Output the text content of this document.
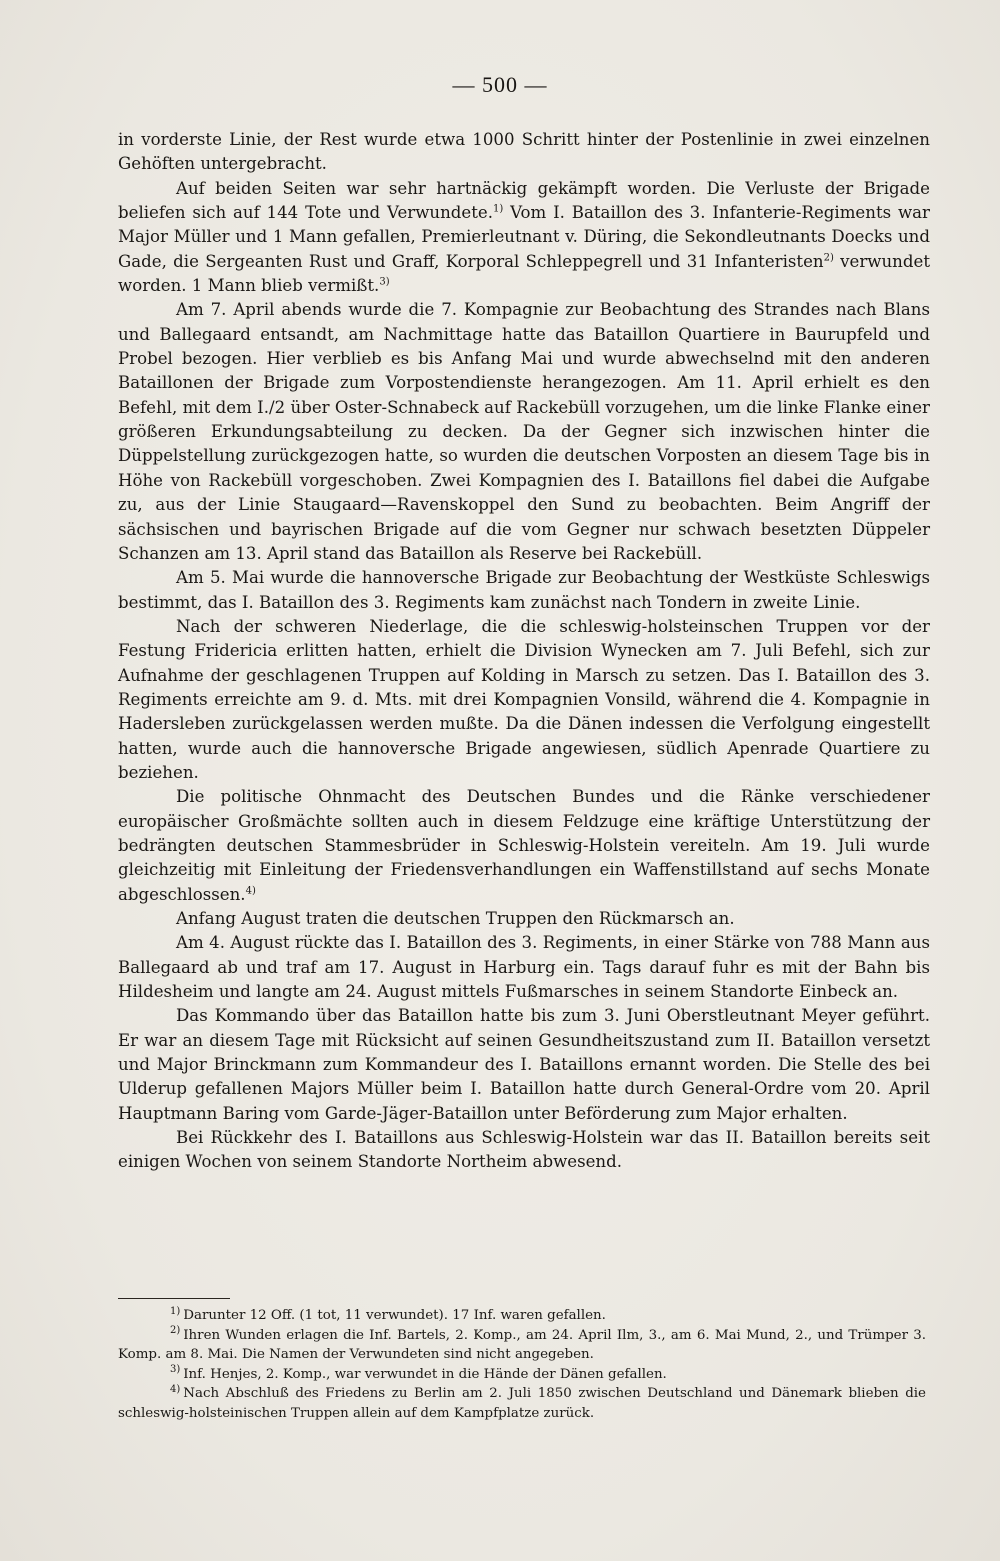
— 500 —

in vorderste Linie, der Rest wurde etwa 1000 Schritt hinter der Postenlinie in zwei einzelnen Gehöften untergebracht.

Auf beiden Seiten war sehr hartnäckig gekämpft worden. Die Verluste der Brigade beliefen sich auf 144 Tote und Verwundete.$^{1)}$ Vom I. Bataillon des 3. Infanterie-Regiments war Major Müller und 1 Mann gefallen, Premierleutnant v. Düring, die Sekondleutnants Doecks und Gade, die Sergeanten Rust und Graff, Korporal Schleppegrell und 31 Infanteristen$^{2)}$ verwundet worden. 1 Mann blieb vermißt.$^{3)}$

Am 7. April abends wurde die 7. Kompagnie zur Beobachtung des Strandes nach Blans und Ballegaard entsandt, am Nachmittage hatte das Bataillon Quartiere in Baurupfeld und Probel bezogen. Hier verblieb es bis Anfang Mai und wurde abwechselnd mit den anderen Bataillonen der Brigade zum Vorpostendienste herangezogen. Am 11. April erhielt es den Befehl, mit dem I./2 über Oster-Schnabeck auf Rackebüll vorzugehen, um die linke Flanke einer größeren Erkundungsabteilung zu decken. Da der Gegner sich inzwischen hinter die Düppelstellung zurückgezogen hatte, so wurden die deutschen Vorposten an diesem Tage bis in Höhe von Rackebüll vorgeschoben. Zwei Kompagnien des I. Bataillons fiel dabei die Aufgabe zu, aus der Linie Staugaard—Ravenskoppel den Sund zu beobachten. Beim Angriff der sächsischen und bayrischen Brigade auf die vom Gegner nur schwach besetzten Düppeler Schanzen am 13. April stand das Bataillon als Reserve bei Rackebüll.

Am 5. Mai wurde die hannoversche Brigade zur Beobachtung der Westküste Schleswigs bestimmt, das I. Bataillon des 3. Regiments kam zunächst nach Tondern in zweite Linie.

Nach der schweren Niederlage, die die schleswig-holsteinschen Truppen vor der Festung Fridericia erlitten hatten, erhielt die Division Wynecken am 7. Juli Befehl, sich zur Aufnahme der geschlagenen Truppen auf Kolding in Marsch zu setzen. Das I. Bataillon des 3. Regiments erreichte am 9. d. Mts. mit drei Kompagnien Vonsild, während die 4. Kompagnie in Hadersleben zurückgelassen werden mußte. Da die Dänen indessen die Verfolgung eingestellt hatten, wurde auch die hannoversche Brigade angewiesen, südlich Apenrade Quartiere zu beziehen.

Die politische Ohnmacht des Deutschen Bundes und die Ränke verschiedener europäischer Großmächte sollten auch in diesem Feldzuge eine kräftige Unterstützung der bedrängten deutschen Stammesbrüder in Schleswig-Holstein vereiteln. Am 19. Juli wurde gleichzeitig mit Einleitung der Friedensverhandlungen ein Waffenstillstand auf sechs Monate abgeschlossen.$^{4)}$

Anfang August traten die deutschen Truppen den Rückmarsch an.

Am 4. August rückte das I. Bataillon des 3. Regiments, in einer Stärke von 788 Mann aus Ballegaard ab und traf am 17. August in Harburg ein. Tags darauf fuhr es mit der Bahn bis Hildesheim und langte am 24. August mittels Fußmarsches in seinem Standorte Einbeck an.

Das Kommando über das Bataillon hatte bis zum 3. Juni Oberstleutnant Meyer geführt. Er war an diesem Tage mit Rücksicht auf seinen Gesundheitszustand zum II. Bataillon versetzt und Major Brinckmann zum Kommandeur des I. Bataillons ernannt worden. Die Stelle des bei Ulderup gefallenen Majors Müller beim I. Bataillon hatte durch General-Ordre vom 20. April Hauptmann Baring vom Garde-Jäger-Bataillon unter Beförderung zum Major erhalten.

Bei Rückkehr des I. Bataillons aus Schleswig-Holstein war das II. Bataillon bereits seit einigen Wochen von seinem Standorte Northeim abwesend.

$^{1)}$ Darunter 12 Off. (1 tot, 11 verwundet). 17 Inf. waren gefallen.

$^{2)}$ Ihren Wunden erlagen die Inf. Bartels, 2. Komp., am 24. April Ilm, 3., am 6. Mai Mund, 2., und Trümper 3. Komp. am 8. Mai. Die Namen der Verwundeten sind nicht angegeben.

$^{3)}$ Inf. Henjes, 2. Komp., war verwundet in die Hände der Dänen gefallen.

$^{4)}$ Nach Abschluß des Friedens zu Berlin am 2. Juli 1850 zwischen Deutschland und Dänemark blieben die schleswig-holsteinischen Truppen allein auf dem Kampfplatze zurück.
